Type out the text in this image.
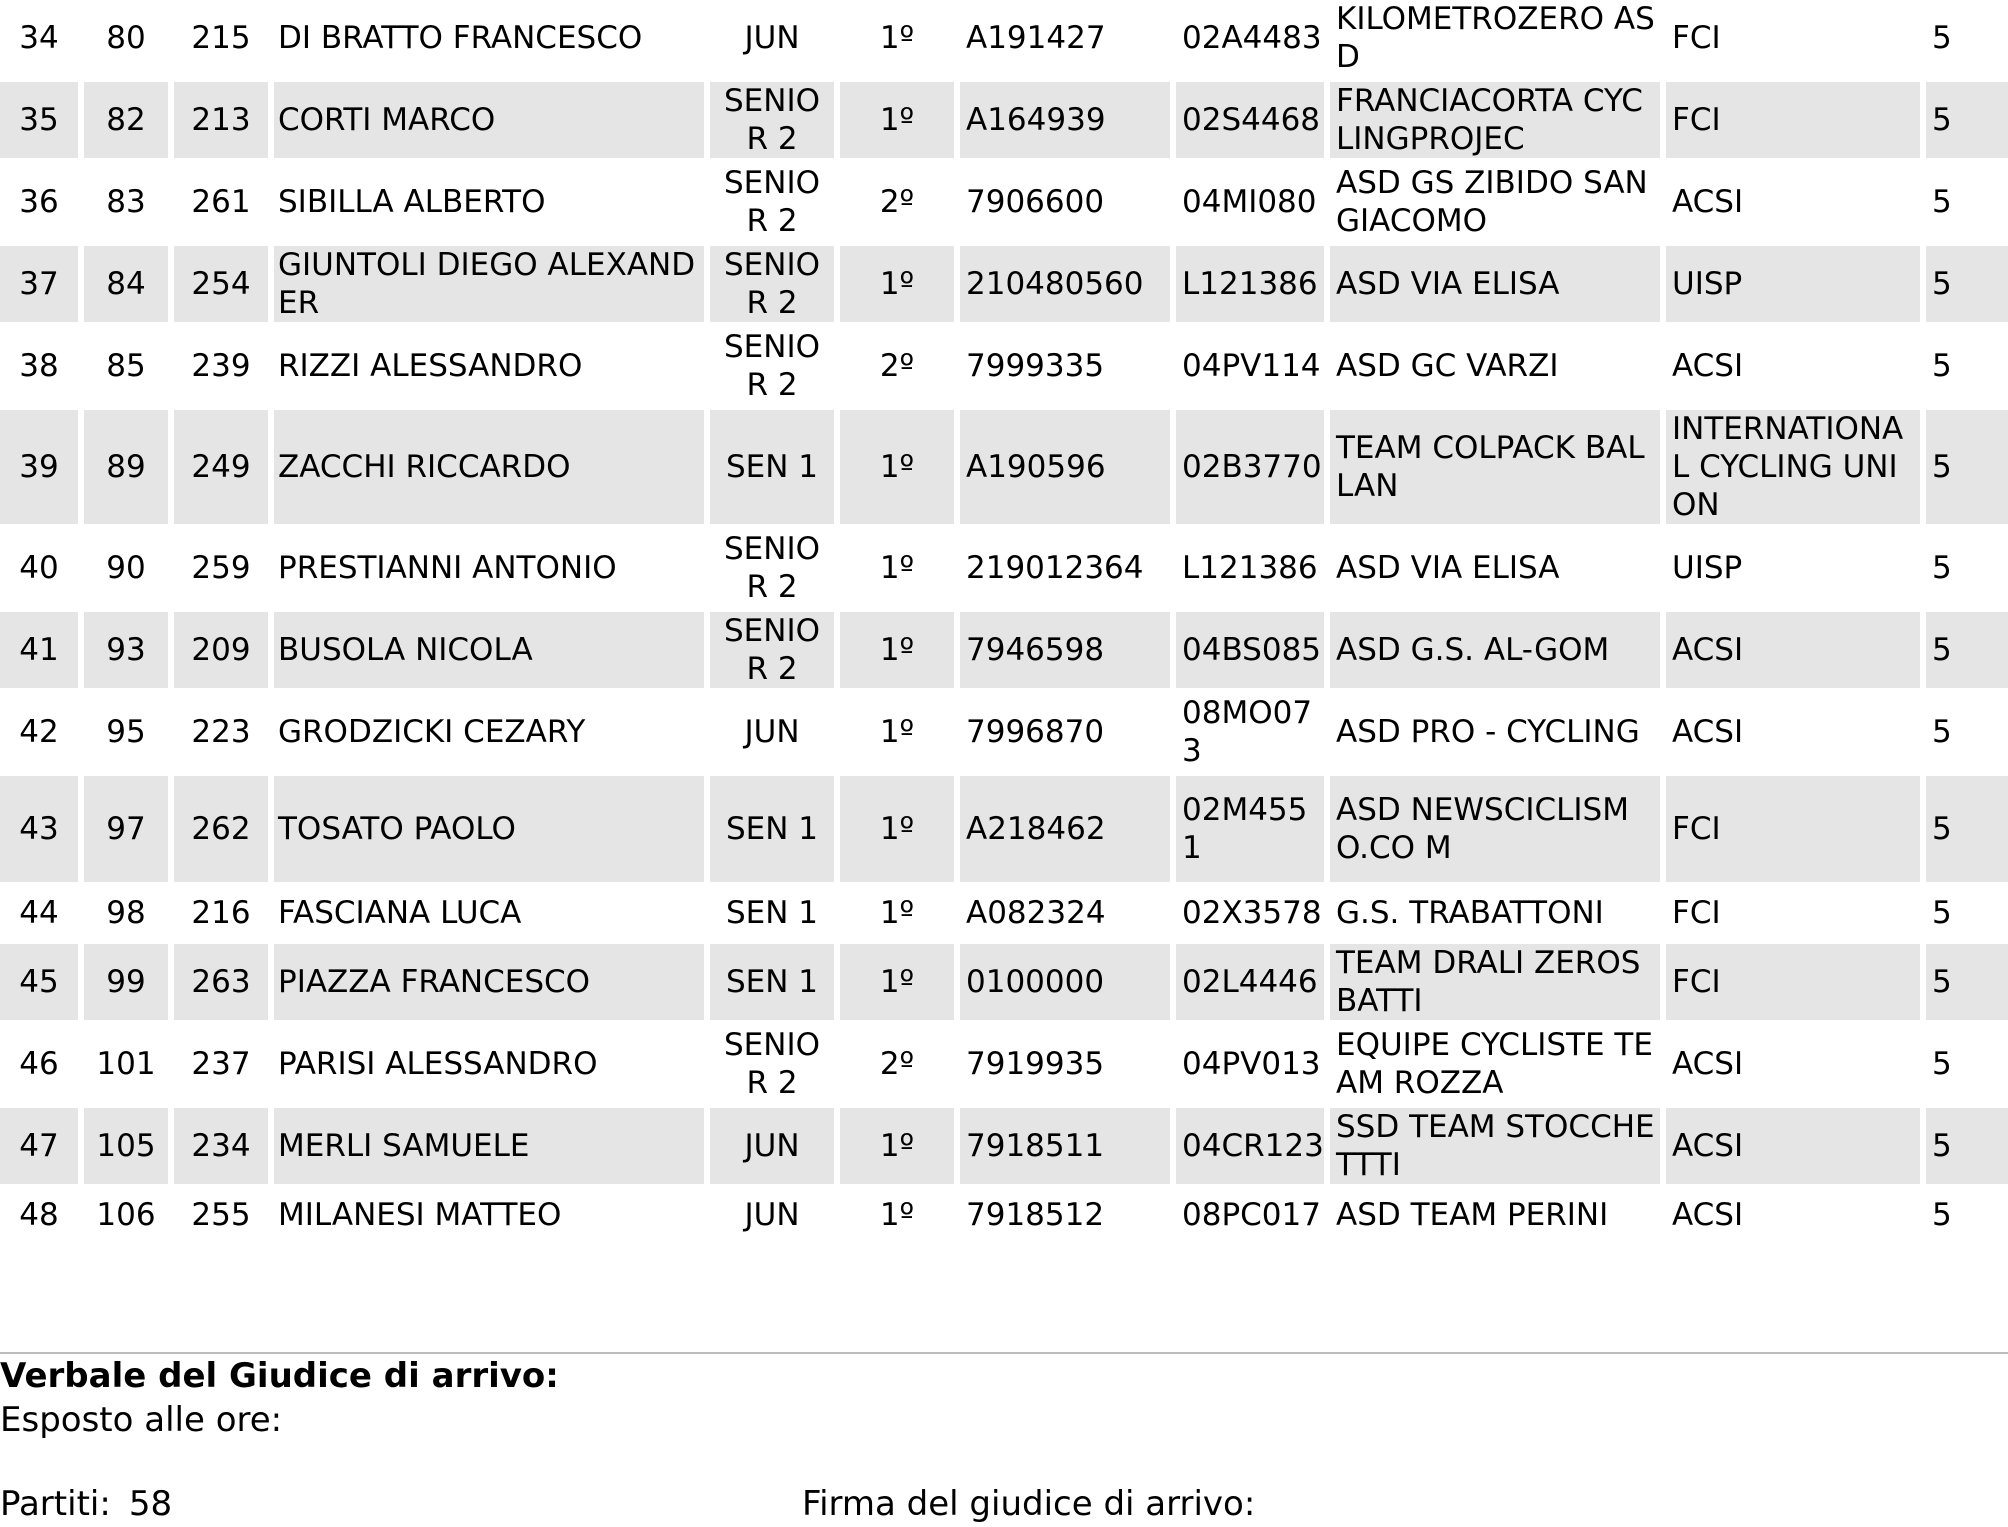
34	80	215	DI BRATTO FRANCESCO	JUN	1º	A191427	02A4483	KILOMETROZERO ASD	FCI	5
35	82	213	CORTI MARCO	SENIO R 2	1º	A164939	02S4468	FRANCIACORTA CYCLINGPROJEC	FCI	5
36	83	261	SIBILLA ALBERTO	SENIO R 2	2º	7906600	04MI080	ASD GS ZIBIDO SAN GIACOMO	ACSI	5
37	84	254	GIUNTOLI DIEGO ALEXANDER	SENIO R 2	1º	210480560	L121386	ASD VIA ELISA	UISP	5
38	85	239	RIZZI ALESSANDRO	SENIO R 2	2º	7999335	04PV114	ASD GC VARZI	ACSI	5
39	89	249	ZACCHI RICCARDO	SEN 1	1º	A190596	02B3770	TEAM COLPACK BALLAN	INTERNATIONA L CYCLING UNION	5
40	90	259	PRESTIANNI ANTONIO	SENIO R 2	1º	219012364	L121386	ASD VIA ELISA	UISP	5
41	93	209	BUSOLA NICOLA	SENIO R 2	1º	7946598	04BS085	ASD G.S. AL-GOM	ACSI	5
42	95	223	GRODZICKI CEZARY	JUN	1º	7996870	08MO07 3	ASD PRO - CYCLING	ACSI	5
43	97	262	TOSATO PAOLO	SEN 1	1º	A218462	02M455 1	ASD NEWSCICLISMO.CO M	FCI	5
44	98	216	FASCIANA LUCA	SEN 1	1º	A082324	02X3578	G.S. TRABATTONI	FCI	5
45	99	263	PIAZZA FRANCESCO	SEN 1	1º	0100000	02L4446	TEAM DRALI ZEROSBATTI	FCI	5
46	101	237	PARISI ALESSANDRO	SENIO R 2	2º	7919935	04PV013	EQUIPE CYCLISTE TEAM ROZZA	ACSI	5
47	105	234	MERLI SAMUELE	JUN	1º	7918511	04CR123	SSD TEAM STOCCHETTTI	ACSI	5
48	106	255	MILANESI MATTEO	JUN	1º	7918512	08PC017	ASD TEAM PERINI	ACSI	5
Verbale del Giudice di arrivo:
Esposto alle ore:
Partiti: 58	Firma del giudice di arrivo:
